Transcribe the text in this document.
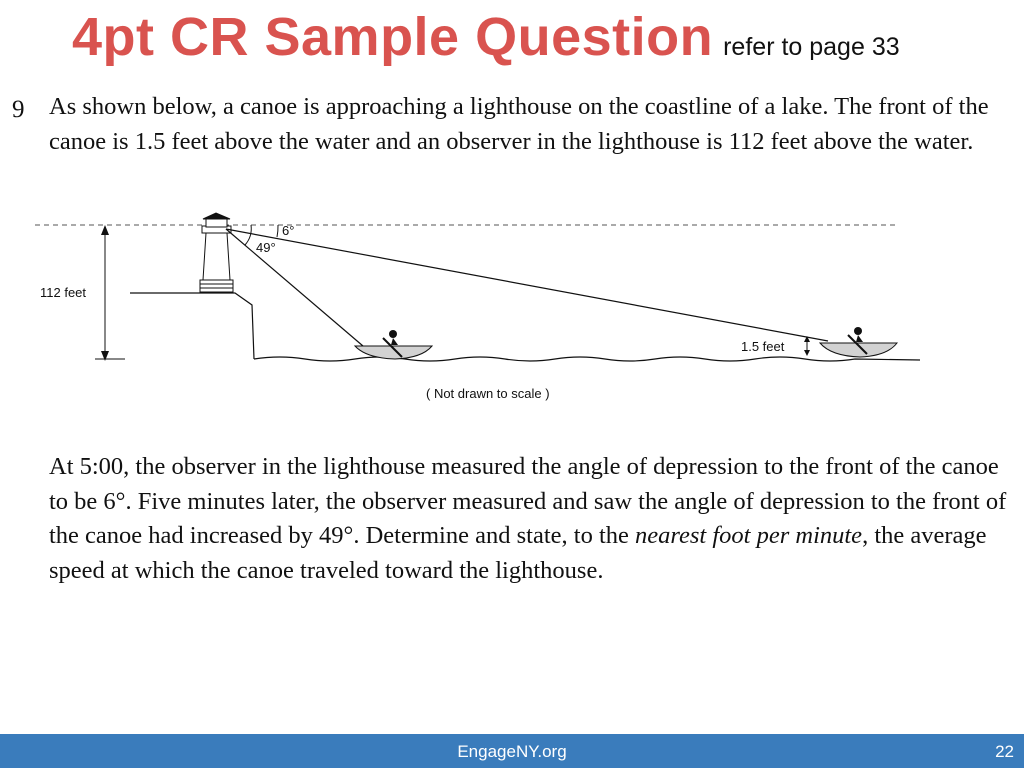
4pt CR Sample Question refer to page 33
9 As shown below, a canoe is approaching a lighthouse on the coastline of a lake. The front of the canoe is 1.5 feet above the water and an observer in the lighthouse is 112 feet above the water.

112 feet
6°
49°
1.5 feet
( Not drawn to scale )

At 5:00, the observer in the lighthouse measured the angle of depression to the front of the canoe to be 6°. Five minutes later, the observer measured and saw the angle of depression to the front of the canoe had increased by 49°. Determine and state, to the nearest foot per minute, the average speed at which the canoe traveled toward the lighthouse.

EngageNY.org	22
